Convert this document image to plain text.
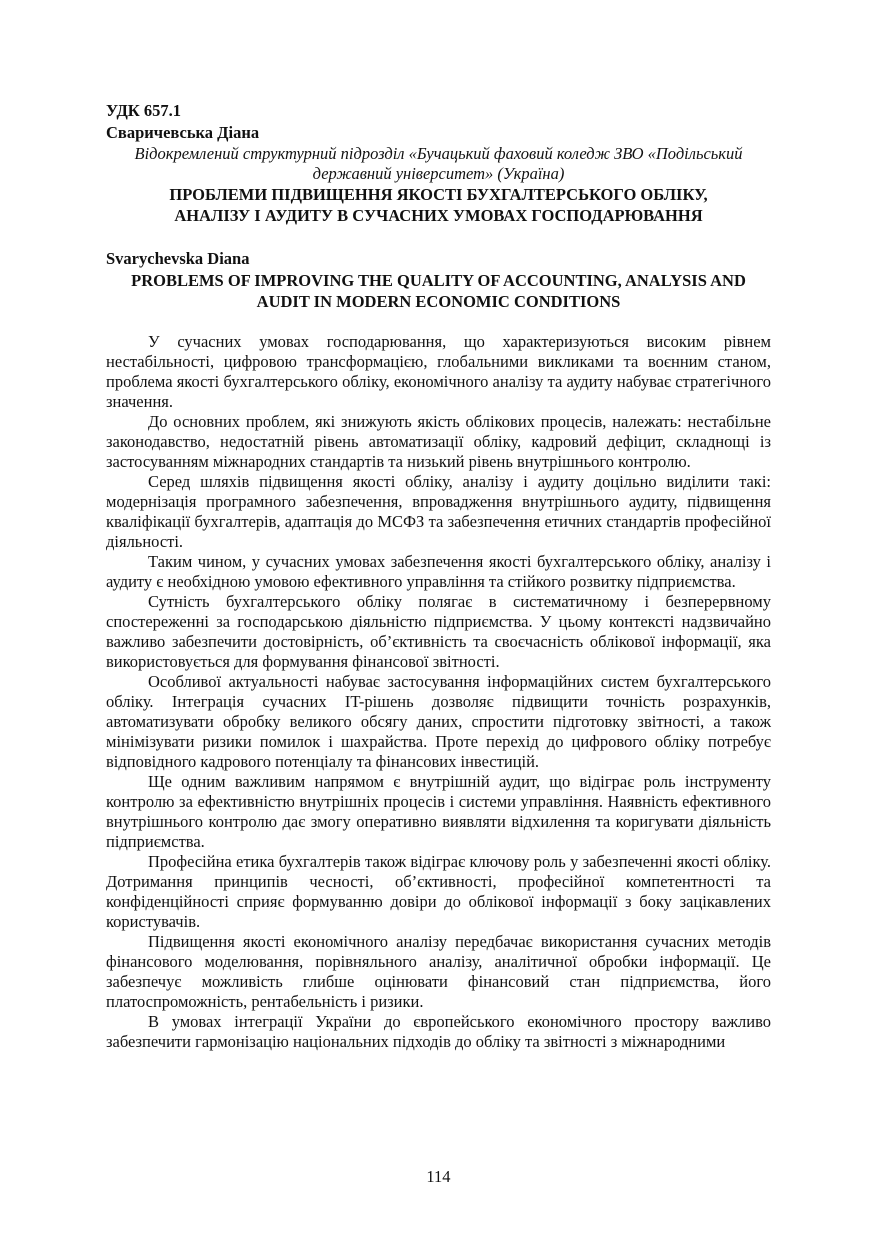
УДК 657.1
Сваричевська Діана
Відокремлений структурний підрозділ «Бучацький фаховий коледж ЗВО «Подільський державний університет» (Україна)
ПРОБЛЕМИ ПІДВИЩЕННЯ ЯКОСТІ БУХГАЛТЕРСЬКОГО ОБЛІКУ,
АНАЛІЗУ І АУДИТУ В СУЧАСНИХ УМОВАХ ГОСПОДАРЮВАННЯ
Svarychevska Diana
PROBLEMS OF IMPROVING THE QUALITY OF ACCOUNTING, ANALYSIS AND
AUDIT IN MODERN ECONOMIC CONDITIONS

У сучасних умовах господарювання, що характеризуються високим рівнем нестабільності, цифровою трансформацією, глобальними викликами та воєнним станом, проблема якості бухгалтерського обліку, економічного аналізу та аудиту набуває стратегічного значення.

До основних проблем, які знижують якість облікових процесів, належать: нестабільне законодавство, недостатній рівень автоматизації обліку, кадровий дефіцит, складнощі із застосуванням міжнародних стандартів та низький рівень внутрішнього контролю.

Серед шляхів підвищення якості обліку, аналізу і аудиту доцільно виділити такі: модернізація програмного забезпечення, впровадження внутрішнього аудиту, підвищення кваліфікації бухгалтерів, адаптація до МСФЗ та забезпечення етичних стандартів професійної діяльності.

Таким чином, у сучасних умовах забезпечення якості бухгалтерського обліку, аналізу і аудиту є необхідною умовою ефективного управління та стійкого розвитку підприємства.

Сутність бухгалтерського обліку полягає в систематичному і безперервному спостереженні за господарською діяльністю підприємства. У цьому контексті надзвичайно важливо забезпечити достовірність, об’єктивність та своєчасність облікової інформації, яка використовується для формування фінансової звітності.

Особливої актуальності набуває застосування інформаційних систем бухгалтерського обліку. Інтеграція сучасних IT-рішень дозволяє підвищити точність розрахунків, автоматизувати обробку великого обсягу даних, спростити підготовку звітності, а також мінімізувати ризики помилок і шахрайства. Проте перехід до цифрового обліку потребує відповідного кадрового потенціалу та фінансових інвестицій.

Ще одним важливим напрямом є внутрішній аудит, що відіграє роль інструменту контролю за ефективністю внутрішніх процесів і системи управління. Наявність ефективного внутрішнього контролю дає змогу оперативно виявляти відхилення та коригувати діяльність підприємства.

Професійна етика бухгалтерів також відіграє ключову роль у забезпеченні якості обліку. Дотримання принципів чесності, об’єктивності, професійної компетентності та конфіденційності сприяє формуванню довіри до облікової інформації з боку зацікавлених користувачів.

Підвищення якості економічного аналізу передбачає використання сучасних методів фінансового моделювання, порівняльного аналізу, аналітичної обробки інформації. Це забезпечує можливість глибше оцінювати фінансовий стан підприємства, його платоспроможність, рентабельність і ризики.

В умовах інтеграції України до європейського економічного простору важливо забезпечити гармонізацію національних підходів до обліку та звітності з міжнародними

114
